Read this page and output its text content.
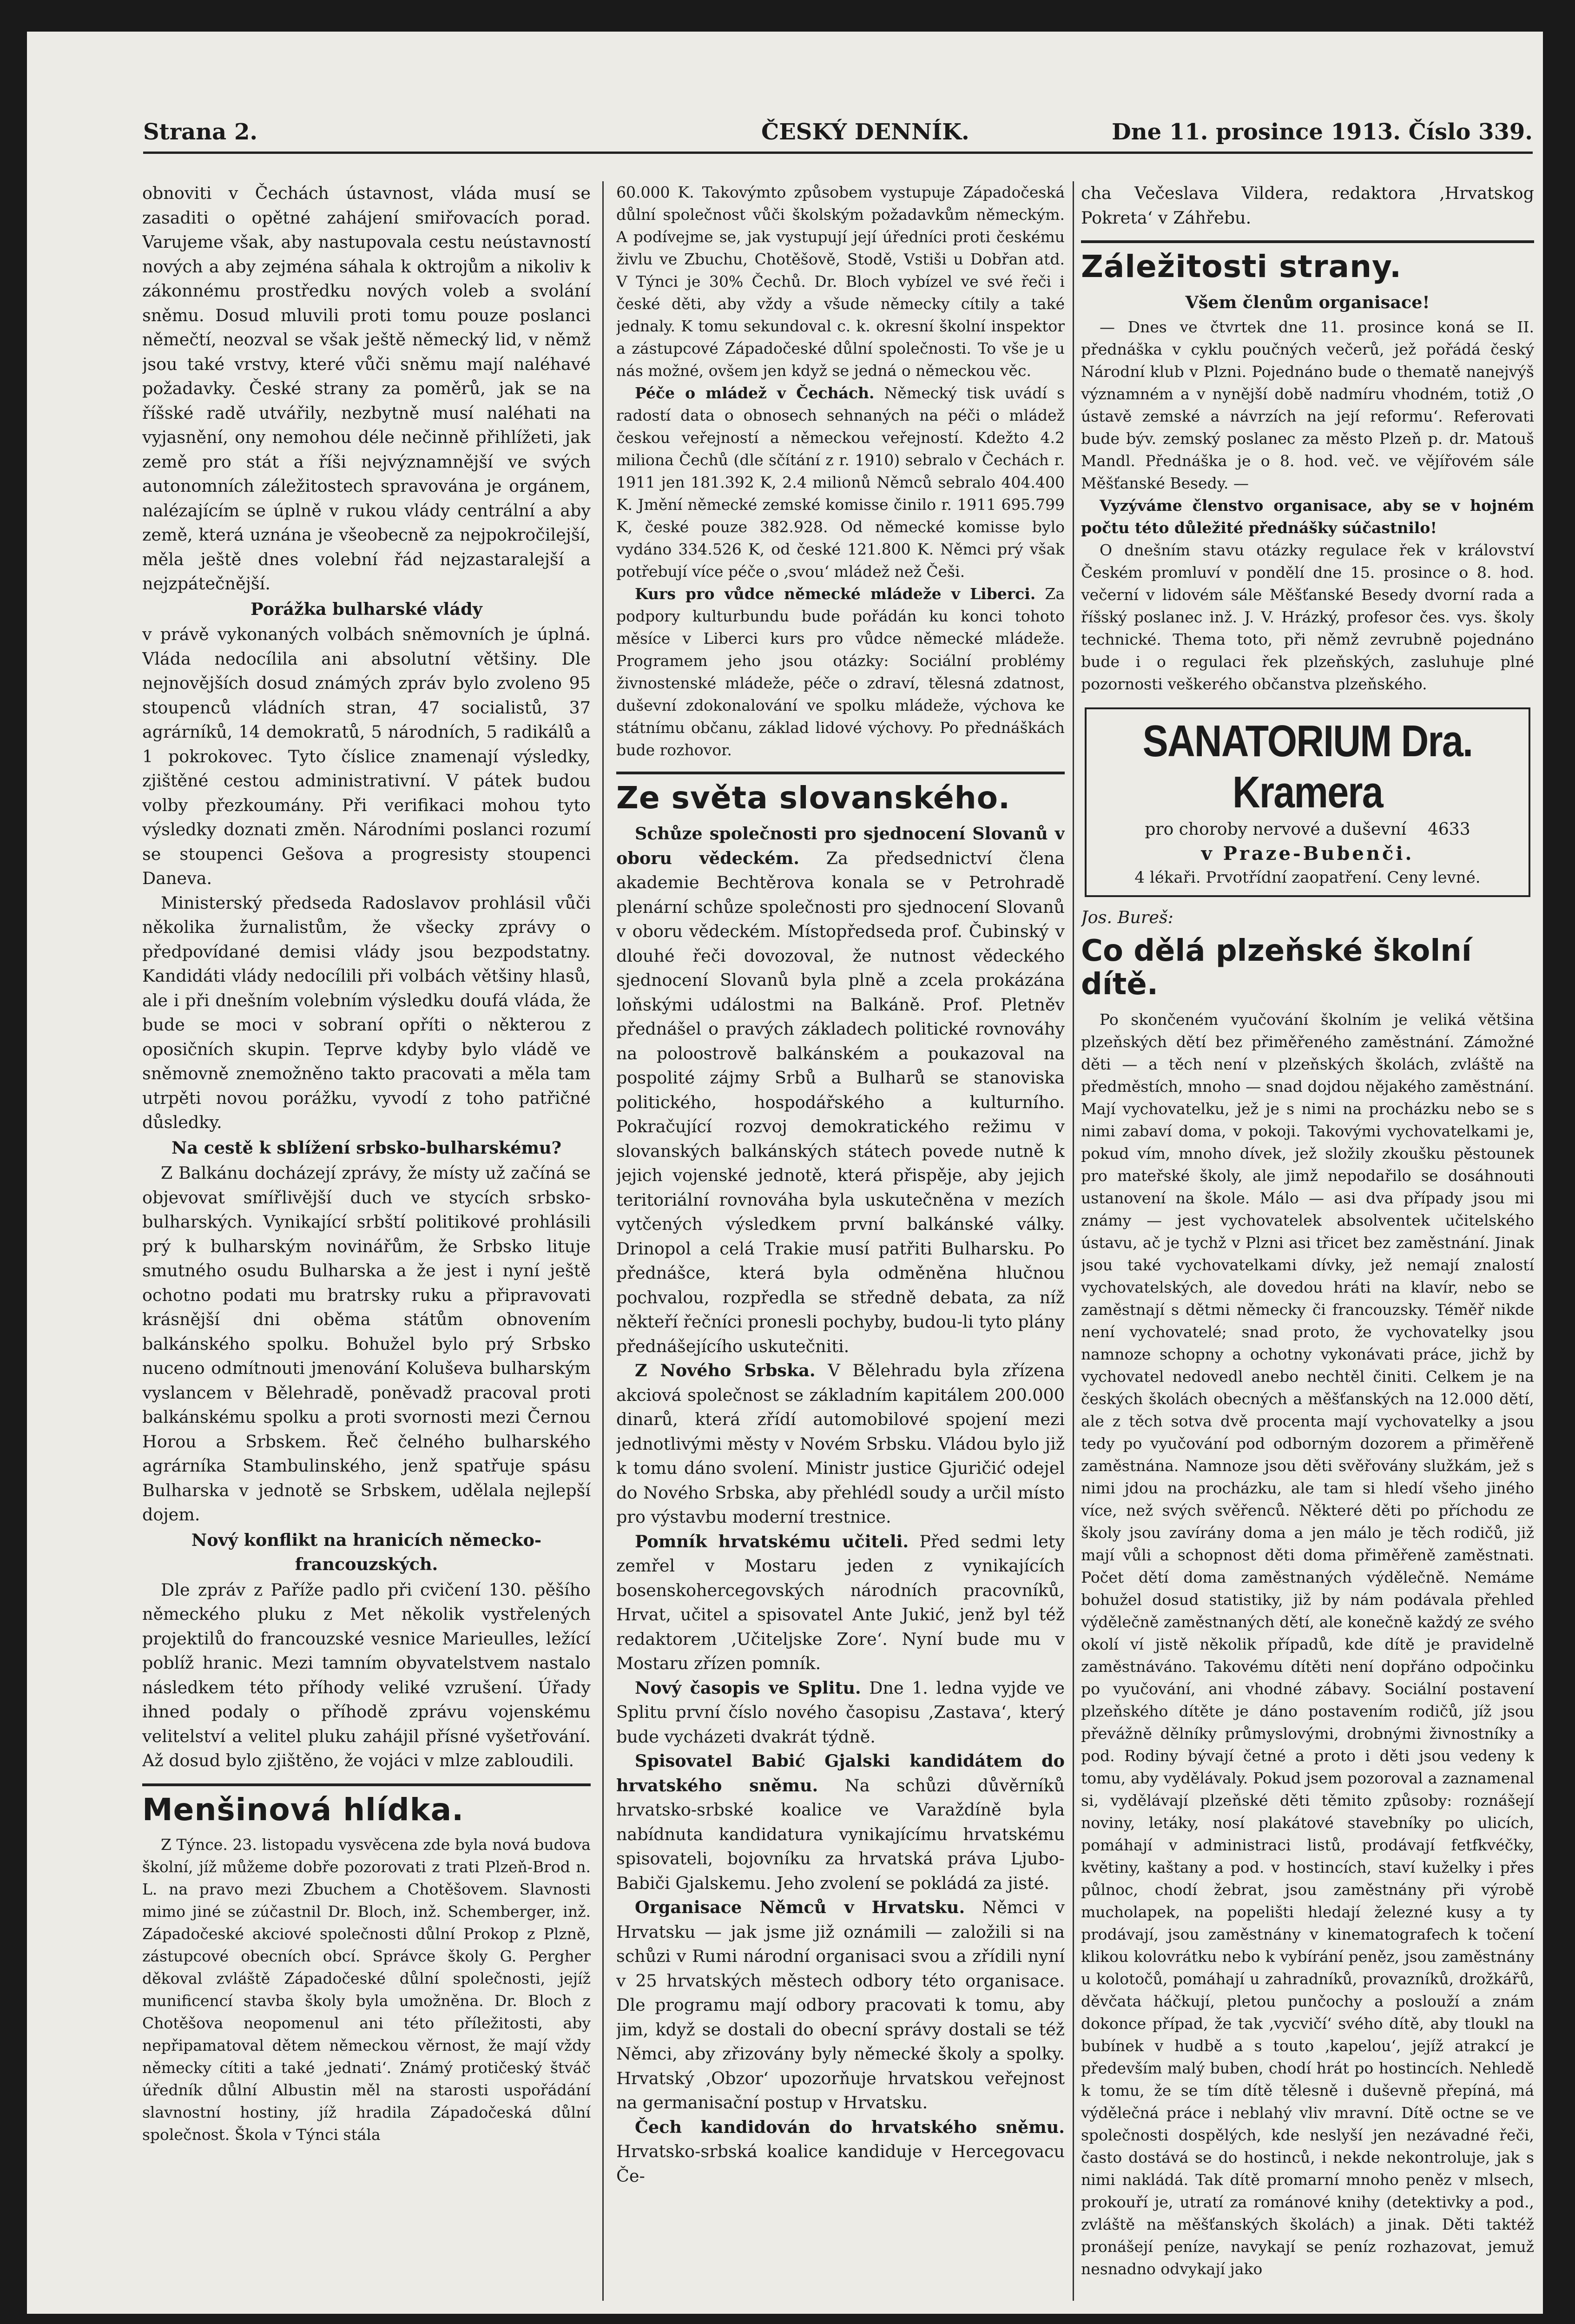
Strana 2.	ČESKÝ DENNÍK.	Dne 11. prosince 1913. Číslo 339.

obnoviti v Čechách ústavnost, vláda musí se zasaditi o opětné zahájení smiřovacích porad. Varujeme však, aby nastupovala cestu neústavností nových a aby zejména sáhala k oktrojům a nikoliv k zákonnému prostředku nových voleb a svolání sněmu. Dosud mluvili proti tomu pouze poslanci němečtí, neozval se však ještě německý lid, v němž jsou také vrstvy, které vůči sněmu mají naléhavé požadavky. České strany za poměrů, jak se na říšské radě utvářily, nezbytně musí naléhati na vyjasnění, ony nemohou déle nečinně přihlížeti, jak země pro stát a říši nejvýznamnější ve svých autonomních záležitostech spravována je orgánem, nalézajícím se úplně v rukou vlády centrální a aby země, která uznána je všeobecně za nejpokročilejší, měla ještě dnes volební řád nejzastaralejší a nejzpátečnější.

Porážka bulharské vlády

v právě vykonaných volbách sněmovních je úplná. Vláda nedocílila ani absolutní většiny. Dle nejnovějších dosud známých zpráv bylo zvoleno 95 stoupenců vládních stran, 47 socialistů, 37 agrárníků, 14 demokratů, 5 národních, 5 radikálů a 1 pokrokovec. Tyto číslice znamenají výsledky, zjištěné cestou administrativní. V pátek budou volby přezkoumány. Při verifikaci mohou tyto výsledky doznati změn. Národními poslanci rozumí se stoupenci Gešova a progresisty stoupenci Daneva.

Ministerský předseda Radoslavov prohlásil vůči několika žurnalistům, že všecky zprávy o předpovídané demisi vlády jsou bezpodstatny. Kandidáti vlády nedocílili při volbách většiny hlasů, ale i při dnešním volebním výsledku doufá vláda, že bude se moci v sobraní opříti o některou z oposičních skupin. Teprve kdyby bylo vládě ve sněmovně znemožněno takto pracovati a měla tam utrpěti novou porážku, vyvodí z toho patřičné důsledky.

Na cestě k sblížení srbsko-bulharskému?

Z Balkánu docházejí zprávy, že místy už začíná se objevovat smířlivější duch ve stycích srbsko-bulharských. Vynikající srbští politikové prohlásili prý k bulharským novinářům, že Srbsko lituje smutného osudu Bulharska a že jest i nyní ještě ochotno podati mu bratrsky ruku a připravovati krásnější dni oběma státům obnovením balkánského spolku. Bohužel bylo prý Srbsko nuceno odmítnouti jmenování Koluševa bulharským vyslancem v Bělehradě, poněvadž pracoval proti balkánskému spolku a proti svornosti mezi Černou Horou a Srbskem. Řeč čelného bulharského agrárníka Stambulinského, jenž spatřuje spásu Bulharska v jednotě se Srbskem, udělala nejlepší dojem.

Nový konflikt na hranicích německo-francouzských.

Dle zpráv z Paříže padlo při cvičení 130. pěšího německého pluku z Met několik vystřelených projektilů do francouzské vesnice Marieulles, ležící poblíž hranic. Mezi tamním obyvatelstvem nastalo následkem této příhody veliké vzrušení. Úřady ihned podaly o příhodě zprávu vojenskému velitelství a velitel pluku zahájil přísné vyšetřování. Až dosud bylo zjištěno, že vojáci v mlze zabloudili.

Menšinová hlídka.

Z Týnce. 23. listopadu vysvěcena zde byla nová budova školní, jíž můžeme dobře pozorovati z trati Plzeň-Brod n. L. na pravo mezi Zbuchem a Chotěšovem. Slavnosti mimo jiné se zúčastnil Dr. Bloch, inž. Schemberger, inž. Západočeské akciové společnosti důlní Prokop z Plzně, zástupcové obecních obcí. Správce školy G. Pergher děkoval zvláště Západočeské důlní společnosti, jejíž munificencí stavba školy byla umožněna. Dr. Bloch z Chotěšova neopomenul ani této příležitosti, aby nepřipamatoval dětem německou věrnost, že mají vždy německy cítiti a také ‚jednati‘. Známý protičeský štváč úředník důlní Albustin měl na starosti uspořádání slavnostní hostiny, jíž hradila Západočeská důlní společnost. Škola v Týnci stála

60.000 K. Takovýmto způsobem vystupuje Západočeská důlní společnost vůči školským požadavkům německým. A podívejme se, jak vystupují její úředníci proti českému živlu ve Zbuchu, Chotěšově, Stodě, Vstiši u Dobřan atd. V Týnci je 30% Čechů. Dr. Bloch vybízel ve své řeči i české děti, aby vždy a všude německy cítily a také jednaly. K tomu sekundoval c. k. okresní školní inspektor a zástupcové Západočeské důlní společnosti. To vše je u nás možné, ovšem jen když se jedná o německou věc.

Péče o mládež v Čechách. Německý tisk uvádí s radostí data o obnosech sehnaných na péči o mládež českou veřejností a německou veřejností. Kdežto 4.2 miliona Čechů (dle sčítání z r. 1910) sebralo v Čechách r. 1911 jen 181.392 K, 2.4 milionů Němců sebralo 404.400 K. Jmění německé zemské komisse činilo r. 1911 695.799 K, české pouze 382.928. Od německé komisse bylo vydáno 334.526 K, od české 121.800 K. Němci prý však potřebují více péče o ‚svou‘ mládež než Češi.

Kurs pro vůdce německé mládeže v Liberci. Za podpory kulturbundu bude pořádán ku konci tohoto měsíce v Liberci kurs pro vůdce německé mládeže. Programem jeho jsou otázky: Sociální problémy živnostenské mládeže, péče o zdraví, tělesná zdatnost, duševní zdokonalování ve spolku mládeže, výchova ke státnímu občanu, základ lidové výchovy. Po přednáškách bude rozhovor.

Ze světa slovanského.

Schůze společnosti pro sjednocení Slovanů v oboru vědeckém. Za předsednictví člena akademie Bechtěrova konala se v Petrohradě plenární schůze společnosti pro sjednocení Slovanů v oboru vědeckém. Místopředseda prof. Čubinský v dlouhé řeči dovozoval, že nutnost vědeckého sjednocení Slovanů byla plně a zcela prokázána loňskými událostmi na Balkáně. Prof. Pletněv přednášel o pravých základech politické rovnováhy na poloostrově balkánském a poukazoval na pospolité zájmy Srbů a Bulharů se stanoviska politického, hospodářského a kulturního. Pokračující rozvoj demokratického režimu v slovanských balkánských státech povede nutně k jejich vojenské jednotě, která přispěje, aby jejich teritoriální rovnováha byla uskutečněna v mezích vytčených výsledkem první balkánské války. Drinopol a celá Trakie musí patřiti Bulharsku. Po přednášce, která byla odměněna hlučnou pochvalou, rozpředla se středně debata, za níž někteří řečníci pronesli pochyby, budou-li tyto plány přednášejícího uskutečniti.

Z Nového Srbska. V Bělehradu byla zřízena akciová společnost se základním kapitálem 200.000 dinarů, která zřídí automobilové spojení mezi jednotlivými městy v Novém Srbsku. Vládou bylo již k tomu dáno svolení. Ministr justice Gjuričić odejel do Nového Srbska, aby přehlédl soudy a určil místo pro výstavbu moderní trestnice.

Pomník hrvatskému učiteli. Před sedmi lety zemřel v Mostaru jeden z vynikajících bosenskohercegovských národních pracovníků, Hrvat, učitel a spisovatel Ante Jukić, jenž byl též redaktorem ‚Učiteljske Zore‘. Nyní bude mu v Mostaru zřízen pomník.

Nový časopis ve Splitu. Dne 1. ledna vyjde ve Splitu první číslo nového časopisu ‚Zastava‘, který bude vycházeti dvakrát týdně.

Spisovatel Babić Gjalski kandidátem do hrvatského sněmu. Na schůzi důvěrníků hrvatsko-srbské koalice ve Varaždíně byla nabídnuta kandidatura vynikajícímu hrvatskému spisovateli, bojovníku za hrvatská práva Ljubo-Babiči Gjalskemu. Jeho zvolení se pokládá za jisté.

Organisace Němců v Hrvatsku. Němci v Hrvatsku — jak jsme již oznámili — založili si na schůzi v Rumi národní organisaci svou a zřídili nyní v 25 hrvatských městech odbory této organisace. Dle programu mají odbory pracovati k tomu, aby jim, když se dostali do obecní správy dostali se též Němci, aby zřizovány byly německé školy a spolky. Hrvatský ‚Obzor‘ upozorňuje hrvatskou veřejnost na germanisační postup v Hrvatsku.

Čech kandidován do hrvatského sněmu. Hrvatsko-srbská koalice kandiduje v Hercegovacu Če-

cha Večeslava Vildera, redaktora ‚Hrvatskog Pokreta‘ v Záhřebu.

Záležitosti strany.
Všem členům organisace!

— Dnes ve čtvrtek dne 11. prosince koná se II. přednáška v cyklu poučných večerů, jež pořádá český Národní klub v Plzni. Pojednáno bude o thematě nanejvýš významném a v nynější době nadmíru vhodném, totiž ‚O ústavě zemské a návrzích na její reformu‘. Referovati bude býv. zemský poslanec za město Plzeň p. dr. Matouš Mandl. Přednáška je o 8. hod. več. ve vějířovém sále Měšťanské Besedy. —

Vyzýváme členstvo organisace, aby se v hojném počtu této důležité přednášky súčastnilo!

O dnešním stavu otázky regulace řek v království Českém promluví v pondělí dne 15. prosince o 8. hod. večerní v lidovém sále Měšťanské Besedy dvorní rada a říšský poslanec inž. J. V. Hrázký, profesor čes. vys. školy technické. Thema toto, při němž zevrubně pojednáno bude i o regulaci řek plzeňských, zasluhuje plné pozornosti veškerého občanstva plzeňského.

SANATORIUM Dra. Kramera
pro choroby nervové a duševní 4633
v Praze-Bubenči.
4 lékaři. Prvotřídní zaopatření. Ceny levné.

Jos. Bureš:

Co dělá plzeňské školní dítě.

Po skončeném vyučování školním je veliká většina plzeňských dětí bez přiměřeného zaměstnání. Zámožné děti — a těch není v plzeňských školách, zvláště na předměstích, mnoho — snad dojdou nějakého zaměstnání. Mají vychovatelku, jež je s nimi na procházku nebo se s nimi zabaví doma, v pokoji. Takovými vychovatelkami je, pokud vím, mnoho dívek, jež složily zkoušku pěstounek pro mateřské školy, ale jimž nepodařilo se dosáhnouti ustanovení na škole. Málo — asi dva případy jsou mi známy — jest vychovatelek absolventek učitelského ústavu, ač je tychž v Plzni asi třicet bez zaměstnání. Jinak jsou také vychovatelkami dívky, jež nemají znalostí vychovatelských, ale dovedou hráti na klavír, nebo se zaměstnají s dětmi německy či francouzsky. Téměř nikde není vychovatelé; snad proto, že vychovatelky jsou namnoze schopny a ochotny vykonávati práce, jichž by vychovatel nedovedl anebo nechtěl činiti. Celkem je na českých školách obecných a měšťanských na 12.000 dětí, ale z těch sotva dvě procenta mají vychovatelky a jsou tedy po vyučování pod odborným dozorem a přiměřeně zaměstnána. Namnoze jsou děti svěřovány služkám, jež s nimi jdou na procházku, ale tam si hledí všeho jiného více, než svých svěřenců. Některé děti po příchodu ze školy jsou zavírány doma a jen málo je těch rodičů, již mají vůli a schopnost děti doma přiměřeně zaměstnati. Počet dětí doma zaměstnaných výdělečně. Nemáme bohužel dosud statistiky, již by nám podávala přehled výdělečně zaměstnaných dětí, ale konečně každý ze svého okolí ví jistě několik případů, kde dítě je pravidelně zaměstnáváno. Takovému dítěti není dopřáno odpočinku po vyučování, ani vhodné zábavy. Sociální postavení plzeňského dítěte je dáno postavením rodičů, jíž jsou převážně dělníky průmyslovými, drobnými živnostníky a pod. Rodiny bývají četné a proto i děti jsou vedeny k tomu, aby vydělávaly. Pokud jsem pozoroval a zaznamenal si, vydělávají plzeňské děti těmito způsoby: roznášejí noviny, letáky, nosí plakátové stavebníky po ulicích, pomáhají v administraci listů, prodávají fetfkvéčky, květiny, kaštany a pod. v hostincích, staví kuželky i přes půlnoc, chodí žebrat, jsou zaměstnány při výrobě mucholapek, na popelišti hledají železné kusy a ty prodávají, jsou zaměstnány v kinematografech k točení klikou kolovrátku nebo k vybírání peněz, jsou zaměstnány u kolotočů, pomáhají u zahradníků, provazníků, drožkářů, děvčata háčkují, pletou punčochy a poslouží a znám dokonce případ, že tak ‚vycvičí‘ svého dítě, aby tloukl na bubínek v hudbě a s touto ‚kapelou‘, jejíž atrakcí je především malý buben, chodí hrát po hostincích. Nehledě k tomu, že se tím dítě tělesně i duševně přepíná, má výdělečná práce i neblahý vliv mravní. Dítě octne se ve společnosti dospělých, kde neslyší jen nezávadné řeči, často dostává se do hostinců, i nekde nekontroluje, jak s nimi nakládá. Tak dítě promarní mnoho peněz v mlsech, prokouří je, utratí za románové knihy (detektivky a pod., zvláště na měšťanských školách) a jinak. Děti taktéž pronášejí peníze, navykají se peníz rozhazovat, jemuž nesnadno odvykají jako
